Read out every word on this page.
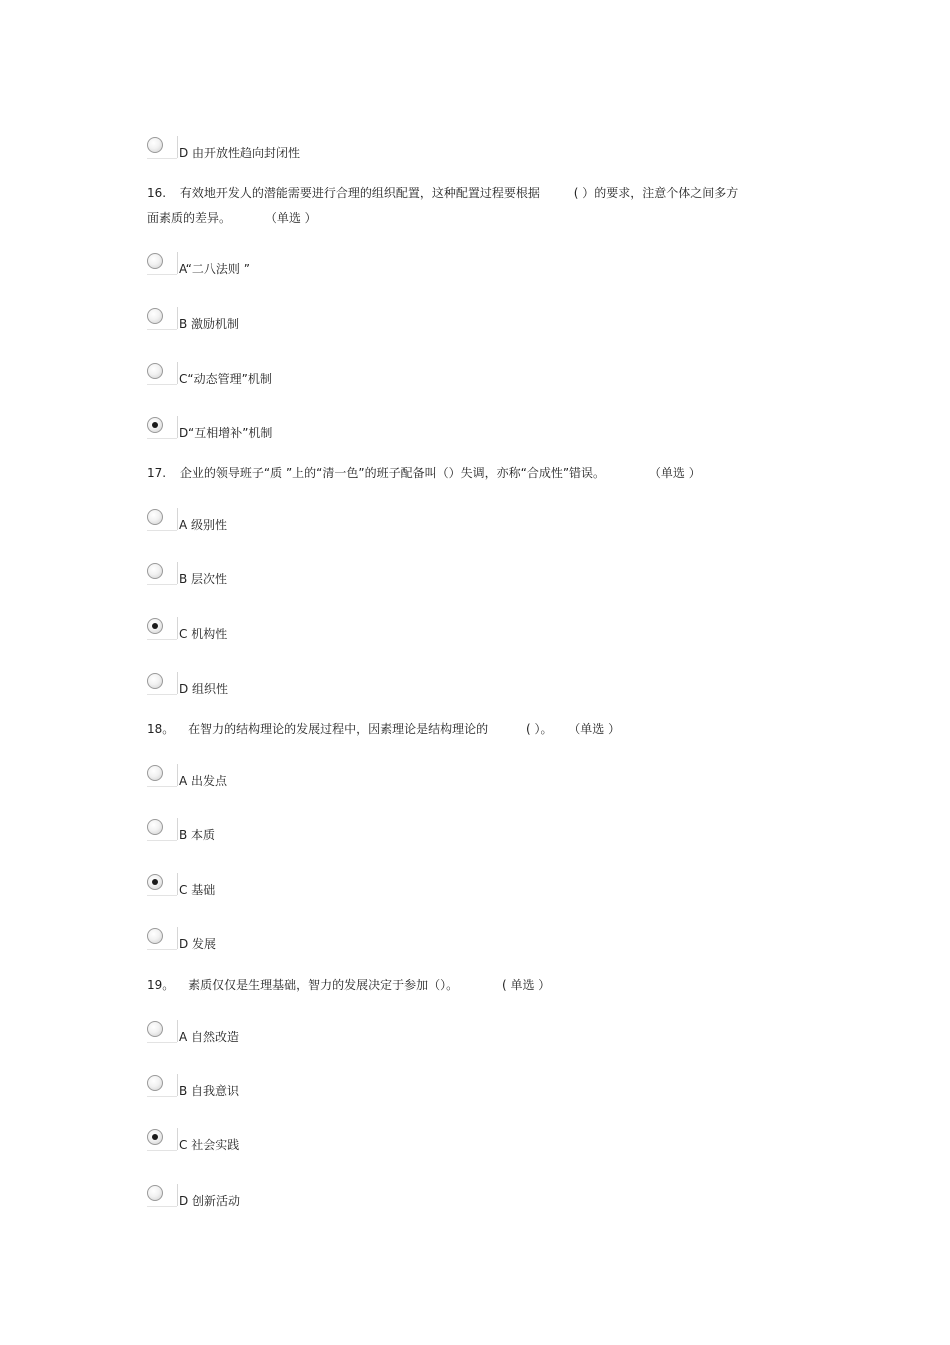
D 由开放性趋向封闭性
16. 有效地开发人的潜能需要进行合理的组织配置，这种配置过程要根据	( ）的要求，注意个体之间多方
面素质的差异。	（单选 ）
A“二八法则 ”
B 激励机制
C“动态管理”机制
D“互相增补”机制
17. 企业的领导班子“质 ”上的“清一色”的班子配备叫（）失调，亦称“合成性”错误。	（单选 ）
A 级别性
B 层次性
C 机构性
D 组织性
18。 在智力的结构理论的发展过程中，因素理论是结构理论的	( ）。 （单选 ）
A 出发点
B 本质
C 基础
D 发展
19。 素质仅仅是生理基础，智力的发展决定于参加（）。	( 单选 ）
A 自然改造
B 自我意识
C 社会实践
D 创新活动
